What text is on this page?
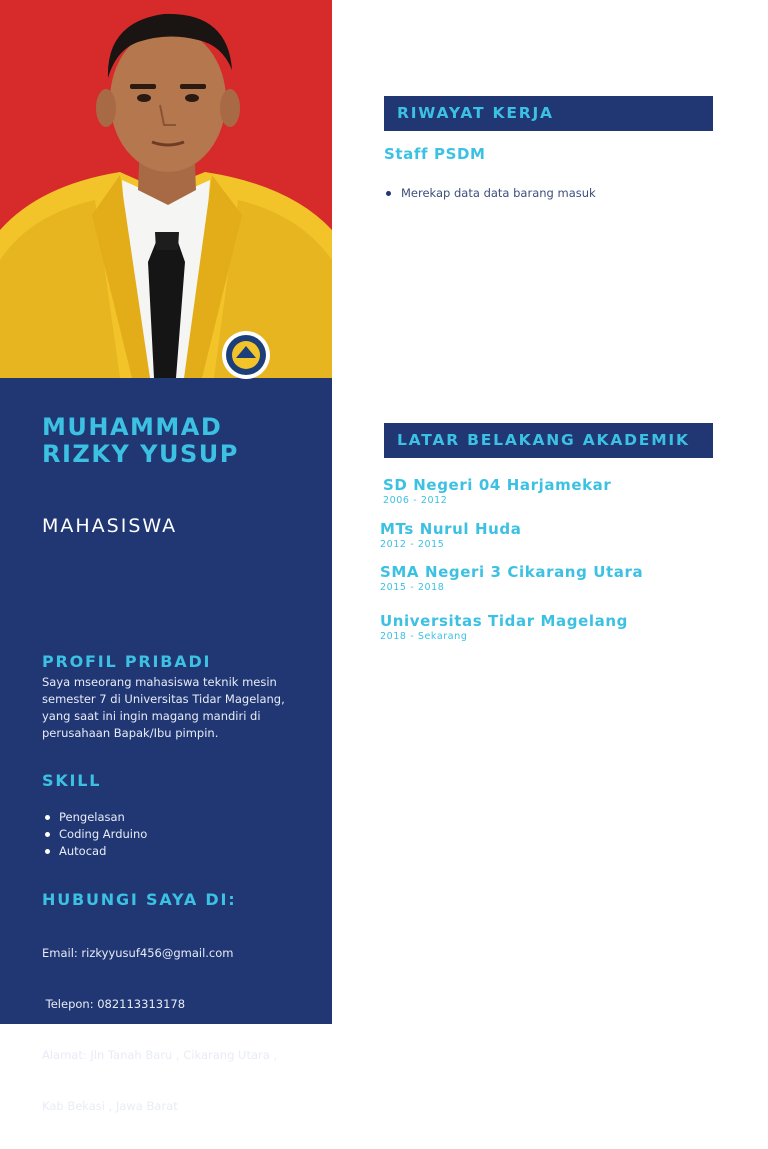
MUHAMMAD
RIZKY YUSUP
MAHASISWA
PROFIL PRIBADI
Saya mseorang mahasiswa teknik mesin
semester 7 di Universitas Tidar Magelang,
yang saat ini ingin magang mandiri di
perusahaan Bapak/Ibu pimpin.
SKILL
Pengelasan
Coding Arduino
Autocad
HUBUNGI SAYA DI:

Email: rizkyyusuf456@gmail.com

Telepon: 082113313178

Alamat: Jln Tanah Baru , Cikarang Utara ,

Kab Bekasi , Jawa Barat

RIWAYAT KERJA
Staff PSDM
Merekap data data barang masuk
LATAR BELAKANG AKADEMIK
SD Negeri 04 Harjamekar
2006 - 2012
MTs Nurul Huda
2012 - 2015
SMA Negeri 3 Cikarang Utara
2015 - 2018
Universitas Tidar Magelang
2018 - Sekarang
